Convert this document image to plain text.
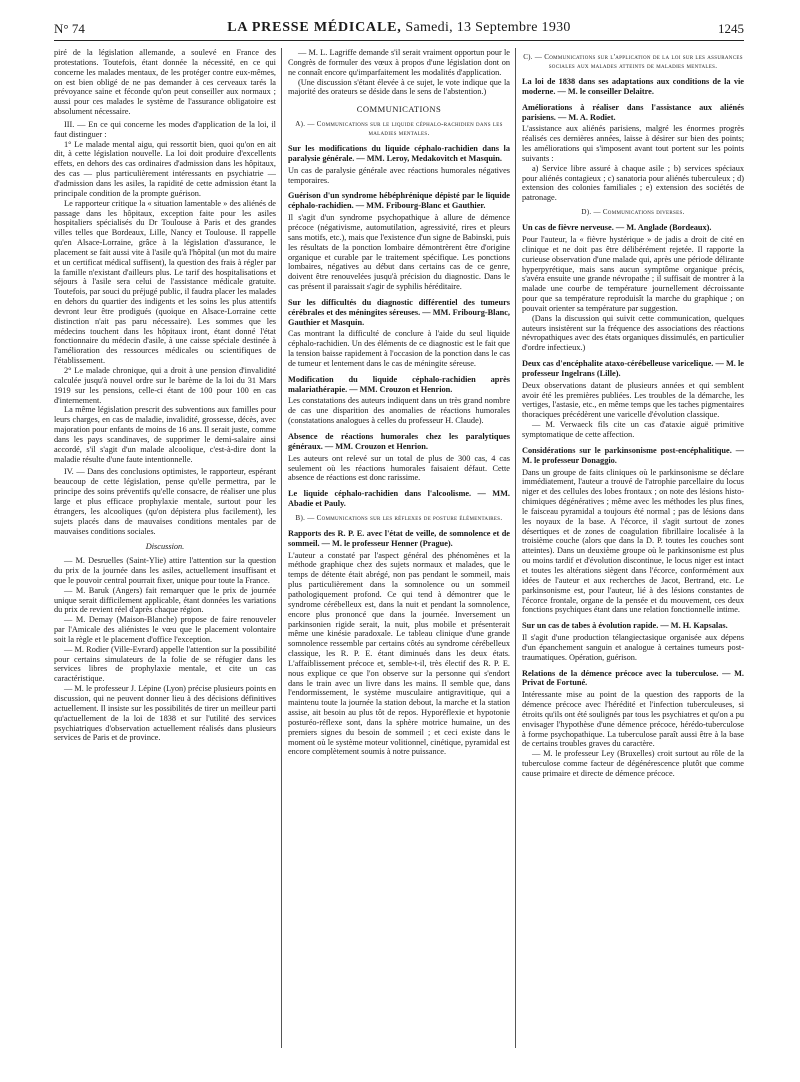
N° 74	LA PRESSE MÉDICALE, Samedi, 13 Septembre 1930	1245

piré de la législation allemande, a soulevé en France des protestations. Toutefois, étant donnée la nécessité, en ce qui concerne les malades mentaux, de les protéger contre eux-mêmes, on est bien obligé de ne pas demander à ces cerveaux tarés la prévoyance saine et féconde qu'on peut conseiller aux normaux ; aussi pour ces malades le système de l'assurance obligatoire est absolument nécessaire.

III. — En ce qui concerne les modes d'application de la loi, il faut distinguer :

1° Le malade mental aigu, qui ressortit bien, quoi qu'on en ait dit, à cette législation nouvelle. La loi doit produire d'excellents effets, en dehors des cas ordinaires d'admission dans les hôpitaux, des cas — plus particulièrement intéressants en psychiatrie — d'admission dans les asiles, la rapidité de cette admission étant la principale condition de la prompte guérison.

Le rapporteur critique la « situation lamentable » des aliénés de passage dans les hôpitaux, exception faite pour les asiles hospitaliers spécialisés du Dr Toulouse à Paris et des grandes villes telles que Bordeaux, Lille, Nancy et Toulouse. Il rappelle qu'en Alsace-Lorraine, grâce à la législation d'assurance, le placement se fait aussi vite à l'asile qu'à l'hôpital (un mot du maire et un certificat médical suffisent), la question des frais à régler par la famille n'existant d'ailleurs plus. Le tarif des hospitalisations et séjours à l'asile sera celui de l'assistance médicale gratuite. Toutefois, par souci du préjugé public, il faudra placer les malades en dehors du quartier des indigents et les soins les plus attentifs devront leur être prodigués (quoique en Alsace-Lorraine cette distinction n'ait pas paru nécessaire). Les sommes que les médecins touchent dans les hôpitaux iront, étant donné l'état fonctionnaire du médecin d'asile, à une caisse spéciale destinée à l'amélioration des ressources médicales ou scientifiques de l'établissement.

2° Le malade chronique, qui a droit à une pension d'invalidité calculée jusqu'à nouvel ordre sur le barème de la loi du 31 Mars 1919 sur les pensions, celle-ci étant de 100 pour 100 en cas d'internement.

La même législation prescrit des subventions aux familles pour leurs charges, en cas de maladie, invalidité, grossesse, décès, avec majoration pour enfants de moins de 16 ans. Il serait juste, comme dans les pays scandinaves, de supprimer le demi-salaire ainsi accordé, s'il s'agit d'un malade alcoolique, c'est-à-dire dont la maladie résulte d'une faute intentionnelle.

IV. — Dans des conclusions optimistes, le rapporteur, espérant beaucoup de cette législation, pense qu'elle permettra, par le principe des soins préventifs qu'elle consacre, de réaliser une plus large et plus efficace prophylaxie mentale, surtout pour les étrangers, les alcooliques (qu'on dépistera plus facilement), les sujets placés dans de mauvaises conditions mentales par de mauvaises conditions sociales.

Discussion.

— M. Desruelles (Saint-Ylie) attire l'attention sur la question du prix de la journée dans les asiles, actuellement insuffisant et que le pouvoir central pourrait fixer, unique pour toute la France.

— M. Baruk (Angers) fait remarquer que le prix de journée unique serait difficilement applicable, étant données les variations du prix de revient réel d'après chaque région.

— M. Demay (Maison-Blanche) propose de faire renouveler par l'Amicale des aliénistes le vœu que le placement volontaire soit la règle et le placement d'office l'exception.

— M. Rodier (Ville-Evrard) appelle l'attention sur la possibilité pour certains simulateurs de la folie de se réfugier dans les services libres de prophylaxie mentale, et cite un cas caractéristique.

— M. le professeur J. Lépine (Lyon) précise plusieurs points en discussion, qui ne peuvent donner lieu à des décisions définitives actuellement. Il insiste sur les possibilités de tirer un meilleur parti qu'actuellement de la loi de 1838 et sur l'utilité des services psychiatriques d'observation actuellement réalisés dans plusieurs services de Paris et de province.

— M. L. Lagriffe demande s'il serait vraiment opportun pour le Congrès de formuler des vœux à propos d'une législation dont on ne connaît encore qu'imparfaitement les modalités d'application.

(Une discussion s'étant élevée à ce sujet, le vote indique que la majorité des orateurs se déside dans le sens de l'abstention.)

COMMUNICATIONS

A). — Communications sur le liquide céphalo-rachidien dans les maladies mentales.

Sur les modifications du liquide céphalo-rachidien dans la paralysie générale. — MM. Leroy, Medakovitch et Masquin.

Un cas de paralysie générale avec réactions humorales négatives temporaires.

Guérison d'un syndrome hébéphrénique dépisté par le liquide céphalo-rachidien. — MM. Fribourg-Blanc et Gauthier.

Il s'agit d'un syndrome psychopathique à allure de démence précoce (négativisme, automutilation, agressivité, rires et pleurs sans motifs, etc.), mais que l'existence d'un signe de Babinski, puis les résultats de la ponction lombaire démontrèrent être d'origine organique et curable par le traitement spécifique. Les ponctions lombaires, négatives au début dans certains cas de ce genre, doivent être renouvelées jusqu'à précision du diagnostic. Dans le cas présent il paraissait s'agir de syphilis héréditaire.

Sur les difficultés du diagnostic différentiel des tumeurs cérébrales et des méningites séreuses. — MM. Fribourg-Blanc, Gauthier et Masquin.

Cas montrant la difficulté de conclure à l'aide du seul liquide céphalo-rachidien. Un des éléments de ce diagnostic est le fait que la tension baisse rapidement à l'occasion de la ponction dans le cas de tumeur et lentement dans le cas de méningite séreuse.

Modification du liquide céphalo-rachidien après malariathérapie. — MM. Crouzon et Henrion.

Les constatations des auteurs indiquent dans un très grand nombre de cas une disparition des anomalies de réactions humorales (constatations analogues à celles du professeur H. Claude).

Absence de réactions humorales chez les paralytiques généraux. — MM. Crouzon et Henrion.

Les auteurs ont relevé sur un total de plus de 300 cas, 4 cas seulement où les réactions humorales faisaient défaut. Cette absence de réactions est donc rarissime.

Le liquide céphalo-rachidien dans l'alcoolisme. — MM. Abadie et Pauly.

B). — Communications sur les réflexes de posture élémentaires.

Rapports des R. P. E. avec l'état de veille, de somnolence et de sommeil. — M. le professeur Henner (Prague).

L'auteur a constaté par l'aspect général des phénomènes et la méthode graphique chez des sujets normaux et malades, que le temps de détente était abrégé, non pas pendant le sommeil, mais plus particulièrement dans la somnolence ou un sommeil pathologiquement profond. Ce qui tend à démontrer que le syndrome cérébelleux est, dans la nuit et pendant la somnolence, encore plus prononcé que dans la journée. Inversement un parkinsonien rigide serait, la nuit, plus mobile et présenterait même une kinésie paradoxale. Le tableau clinique d'une grande somnolence ressemble par certains côtés au syndrome cérébelleux classique, les R. P. E. étant diminués dans les deux états. L'affaiblissement précoce et, semble-t-il, très électif des R. P. E. nous explique ce que l'on observe sur la personne qui s'endort dans le train avec un livre dans les mains. Il semble que, dans l'endormissement, le système musculaire antigravitique, qui a maintenu toute la journée la station debout, la marche et la station assise, ait besoin au plus tôt de repos. Hyporéflexie et hypotonie posturéo-réflexe sont, dans la sphère motrice humaine, un des premiers signes du besoin de sommeil ; et ceci existe dans le moment où le système moteur volitionnel, cinétique, pyramidal est encore complètement soumis à notre puissance.

C). — Communications sur l'application de la loi sur les assurances sociales aux malades atteints de maladies mentales.

La loi de 1838 dans ses adaptations aux conditions de la vie moderne. — M. le conseiller Delaitre.

Améliorations à réaliser dans l'assistance aux aliénés parisiens. — M. A. Rodiet.

L'assistance aux aliénés parisiens, malgré les énormes progrès réalisés ces dernières années, laisse à désirer sur bien des points; les améliorations qui s'imposent avant tout portent sur les points suivants :

a) Service libre assuré à chaque asile ; b) services spéciaux pour aliénés contagieux ; c) sanatoria pour aliénés tuberculeux ; d) extension des colonies familiales ; e) extension des sociétés de patronage.

D). — Communications diverses.

Un cas de fièvre nerveuse. — M. Anglade (Bordeaux).

Pour l'auteur, la « fièvre hystérique » de jadis a droit de cité en clinique et ne doit pas être délibérément rejetée. Il rapporte la curieuse observation d'une malade qui, après une période délirante hyperpyrétique, mais sans aucun symptôme organique précis, s'avéra ensuite une grande névropathe ; il suffisait de montrer à la malade une courbe de température journellement décroissante pour que sa température reproduisît la marche du graphique ; on pouvait orienter sa température par suggestion.

(Dans la discussion qui suivit cette communication, quelques auteurs insistèrent sur la fréquence des associations des réactions névropathiques avec des états organiques dissimulés, en particulier d'ordre infectieux.)

Deux cas d'encéphalite ataxo-cérébelleuse varicelique. — M. le professeur Ingelrans (Lille).

Deux observations datant de plusieurs années et qui semblent avoir été les premières publiées. Les troubles de la démarche, les vertiges, l'astasie, etc., en même temps que les taches pigmentaires thoraciques précédèrent une varicelle d'évolution classique.

— M. Verwaeck fils cite un cas d'ataxie aiguë primitive symptomatique de cette affection.

Considérations sur le parkinsonisme post-encéphalitique. — M. le professeur Donaggio.

Dans un groupe de faits cliniques où le parkinsonisme se déclare immédiatement, l'auteur a trouvé de l'atrophie parcellaire du locus niger et des cellules des lobes frontaux ; on note des lésions histo-chimiques dégénératives ; même avec les méthodes les plus fines, le faisceau pyramidal a toujours été normal ; pas de lésions dans les noyaux de la base. A l'écorce, il s'agit surtout de zones désertiques et de zones de coagulation fibrillaire localisée à la troisième couche (alors que dans la D. P. toutes les couches sont atteintes). Dans un deuxième groupe où le parkinsonisme est plus ou moins tardif et d'évolution discontinue, le locus niger est intact et toutes les altérations siègent dans l'écorce, conformément aux idées de l'auteur et aux recherches de Jacot, Bertrand, etc. Le parkinsonisme est, pour l'auteur, lié à des lésions constantes de l'écorce frontale, organe de la pensée et du mouvement, ces deux fonctions psychiques étant dans une relation fonctionnelle intime.

Sur un cas de tabes à évolution rapide. — M. H. Kapsalas.

Il s'agit d'une production télangiectasique organisée aux dépens d'un épanchement sanguin et analogue à certaines tumeurs post-traumatiques. Opération, guérison.

Relations de la démence précoce avec la tuberculose. — M. Privat de Fortuné.

Intéressante mise au point de la question des rapports de la démence précoce avec l'hérédité et l'infection tuberculeuses, si étroits qu'ils ont été soulignés par tous les psychiatres et qu'on a pu envisager l'hypothèse d'une démence précoce, hérédo-tuberculose à forme psychopathique. La tuberculose paraît aussi être à la base de certains troubles graves du caractère.

— M. le professeur Ley (Bruxelles) croit surtout au rôle de la tuberculose comme facteur de dégénérescence plutôt que comme cause primaire et directe de démence précoce.
